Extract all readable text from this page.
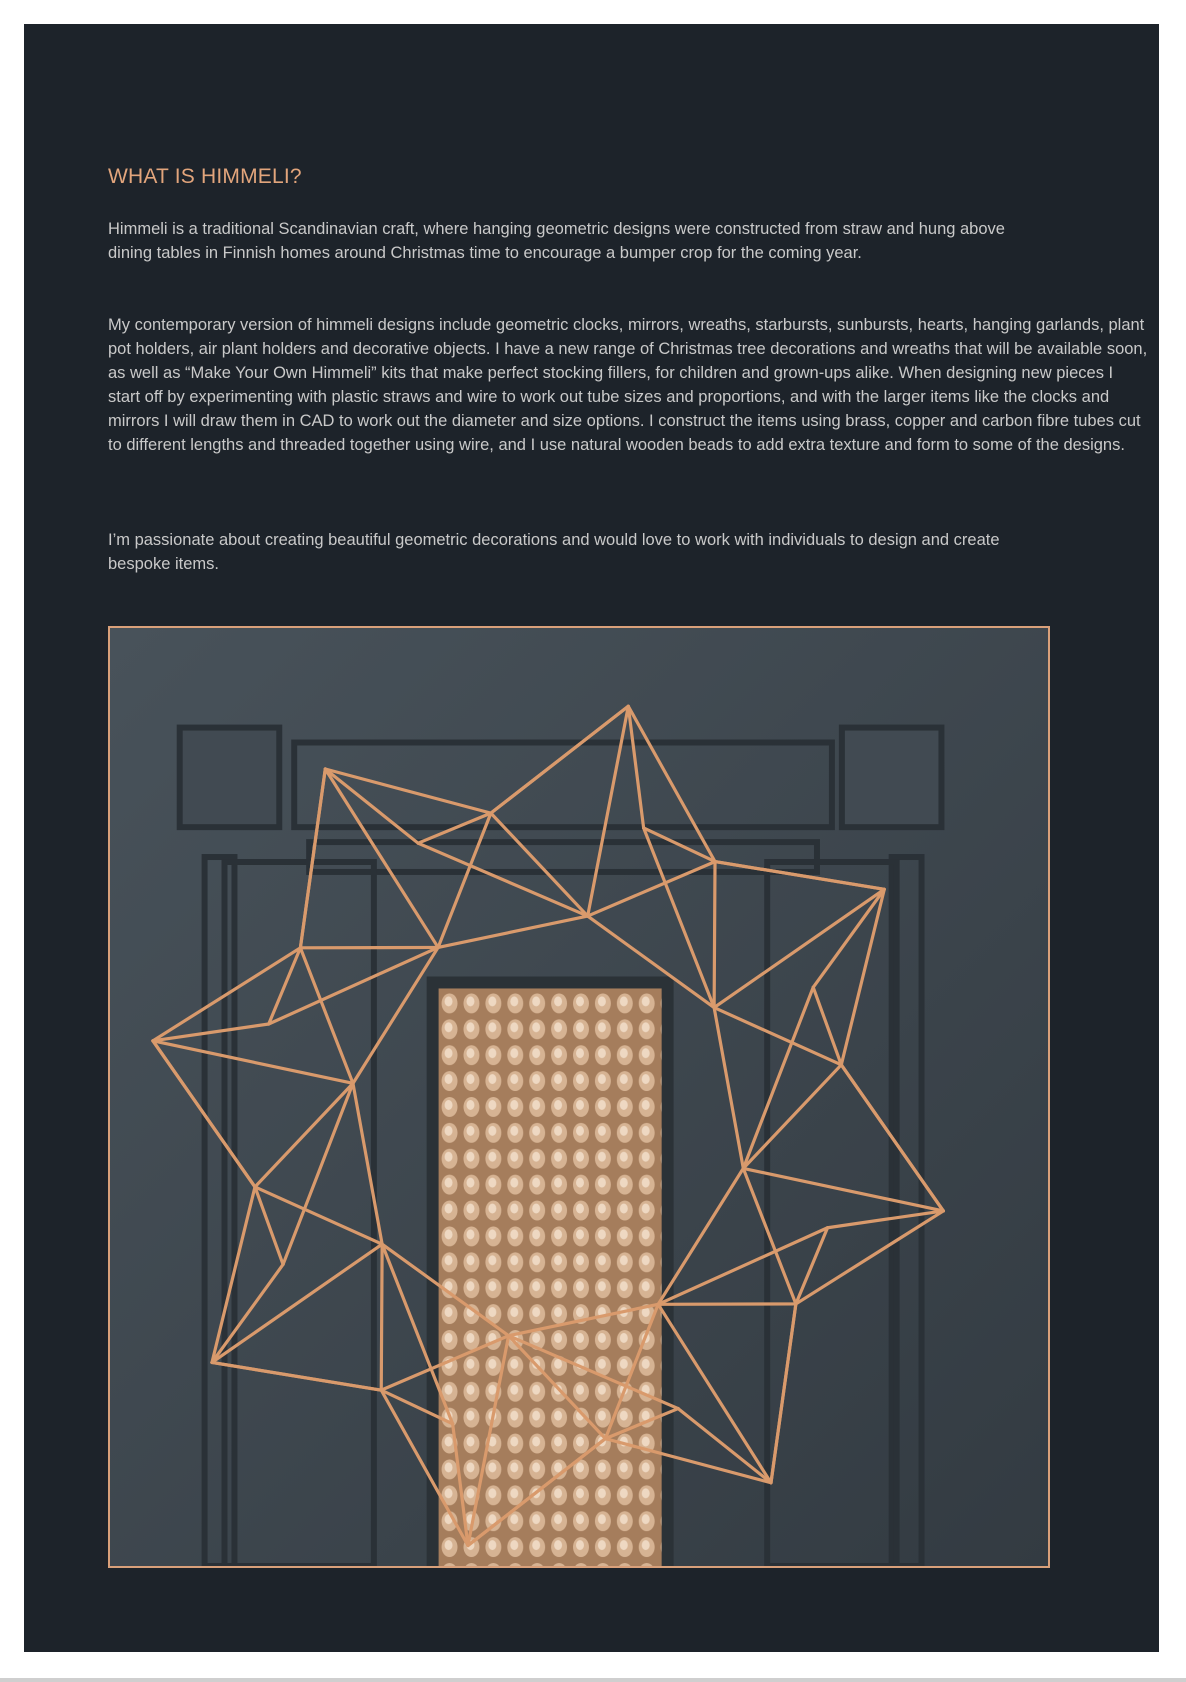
WHAT IS HIMMELI?

Himmeli is a traditional Scandinavian craft, where hanging geometric designs were constructed from straw and hung above dining tables in Finnish homes around Christmas time to encourage a bumper crop for the coming year.

My contemporary version of himmeli designs include geometric clocks, mirrors, wreaths, starbursts, sunbursts, hearts, hanging garlands, plant pot holders, air plant holders and decorative objects. I have a new range of Christmas tree decorations and wreaths that will be available soon, as well as “Make Your Own Himmeli” kits that make perfect stocking fillers, for children and grown-ups alike. When designing new pieces I start off by experimenting with plastic straws and wire to work out tube sizes and proportions, and with the larger items like the clocks and mirrors I will draw them in CAD to work out the diameter and size options. I construct the items using brass, copper and carbon fibre tubes cut to different lengths and threaded together using wire, and I use natural wooden beads to add extra texture and form to some of the designs.

I’m passionate about creating beautiful geometric decorations and would love to work with individuals to design and create bespoke items.
